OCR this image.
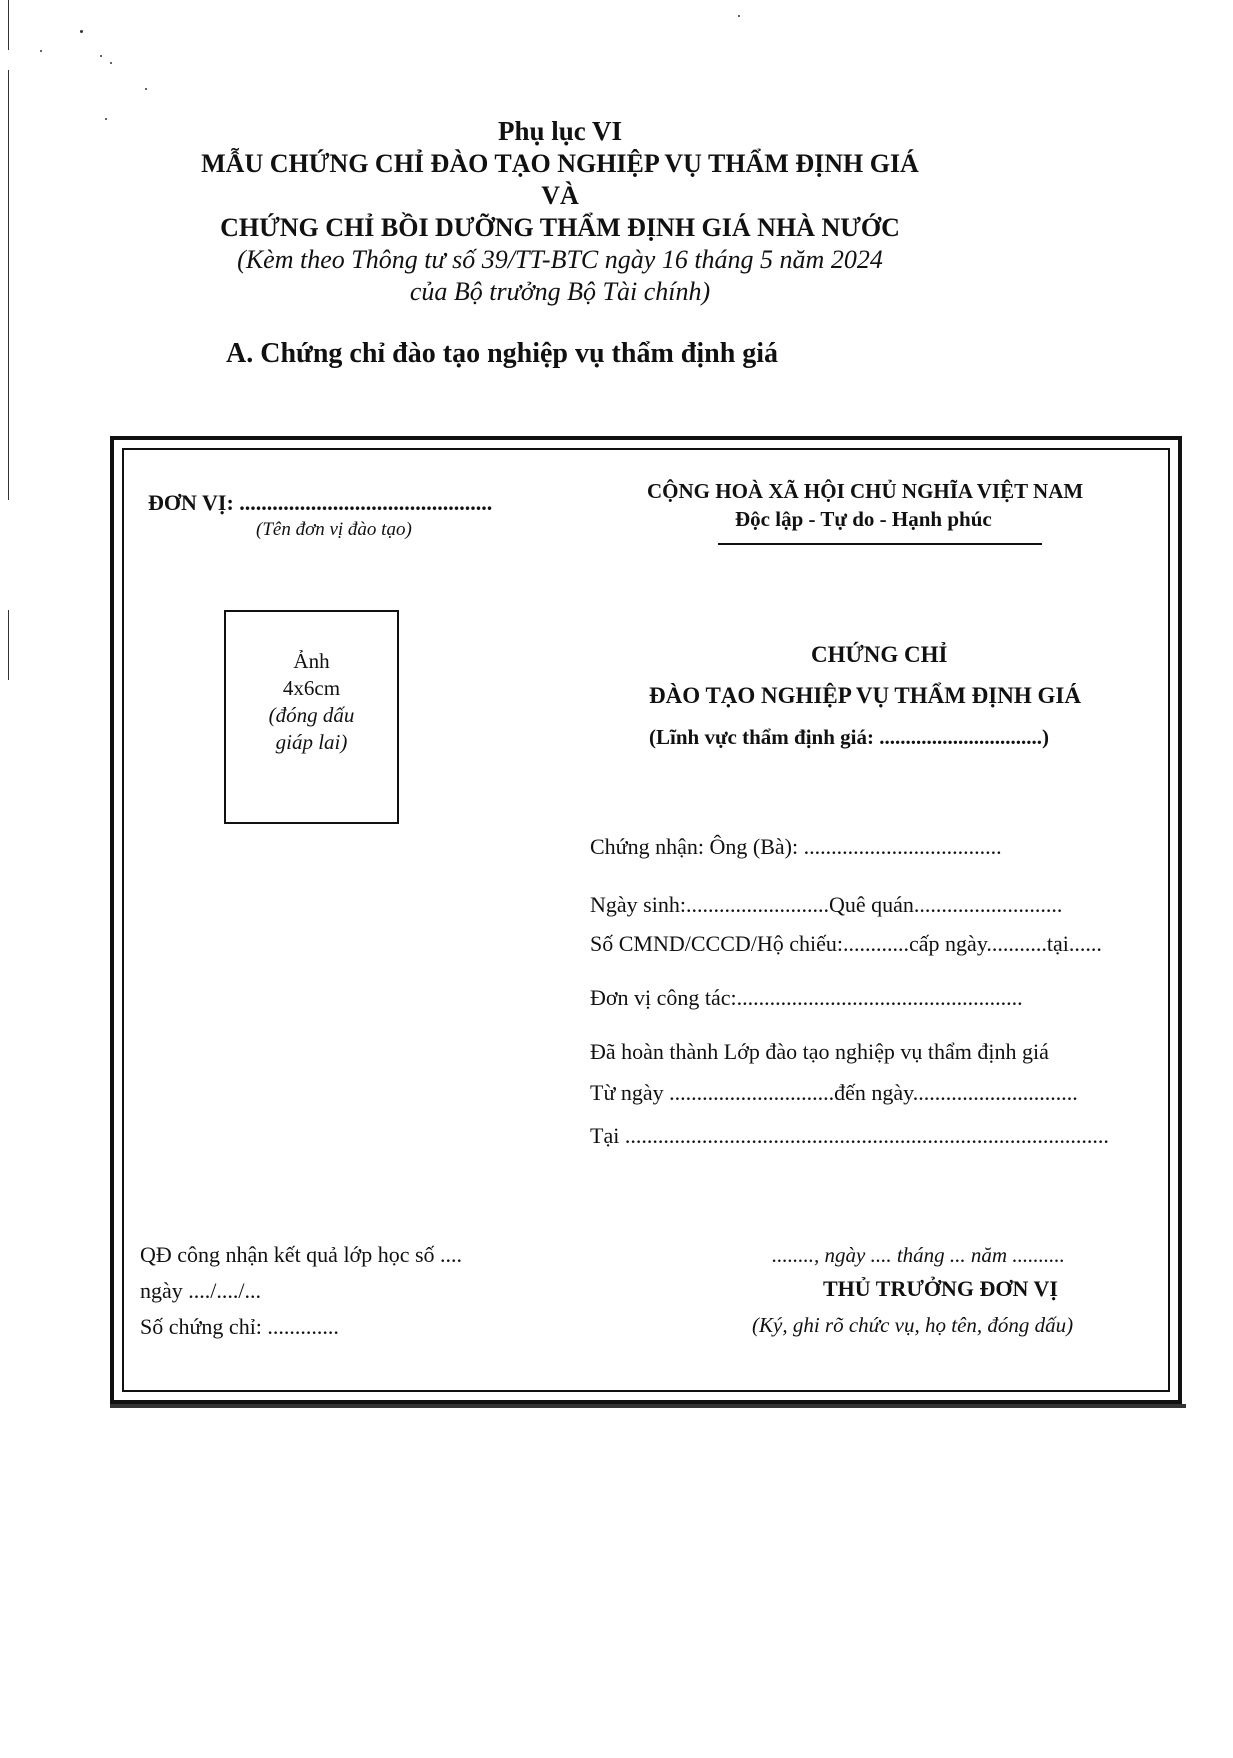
Phụ lục VI
MẪU CHỨNG CHỈ ĐÀO TẠO NGHIỆP VỤ THẨM ĐỊNH GIÁ VÀ
CHỨNG CHỈ BỒI DƯỠNG THẨM ĐỊNH GIÁ NHÀ NƯỚC
(Kèm theo Thông tư số 39/TT-BTC ngày 16 tháng 5 năm 2024
của Bộ trưởng Bộ Tài chính)
A. Chứng chỉ đào tạo nghiệp vụ thẩm định giá
ĐƠN VỊ: ..............................................
(Tên đơn vị đào tạo)
CỘNG HOÀ XÃ HỘI CHỦ NGHĨA VIỆT NAM
Độc lập - Tự do - Hạnh phúc
Ảnh
4x6cm
(đóng dấu
giáp lai)
CHỨNG CHỈ
ĐÀO TẠO NGHIỆP VỤ THẨM ĐỊNH GIÁ
(Lĩnh vực thẩm định giá: ...............................)
Chứng nhận: Ông (Bà): ....................................
Ngày sinh:..........................Quê quán...........................
Số CMND/CCCD/Hộ chiếu:............cấp ngày...........tại......
Đơn vị công tác:....................................................
Đã hoàn thành Lớp đào tạo nghiệp vụ thẩm định giá
Từ ngày ..............................đến ngày..............................
Tại ........................................................................................
QĐ công nhận kết quả lớp học số ....
ngày ..../..../...
Số chứng chỉ: .............
........, ngày .... tháng ... năm ..........
THỦ TRƯỞNG ĐƠN VỊ
(Ký, ghi rõ chức vụ, họ tên, đóng dấu)
